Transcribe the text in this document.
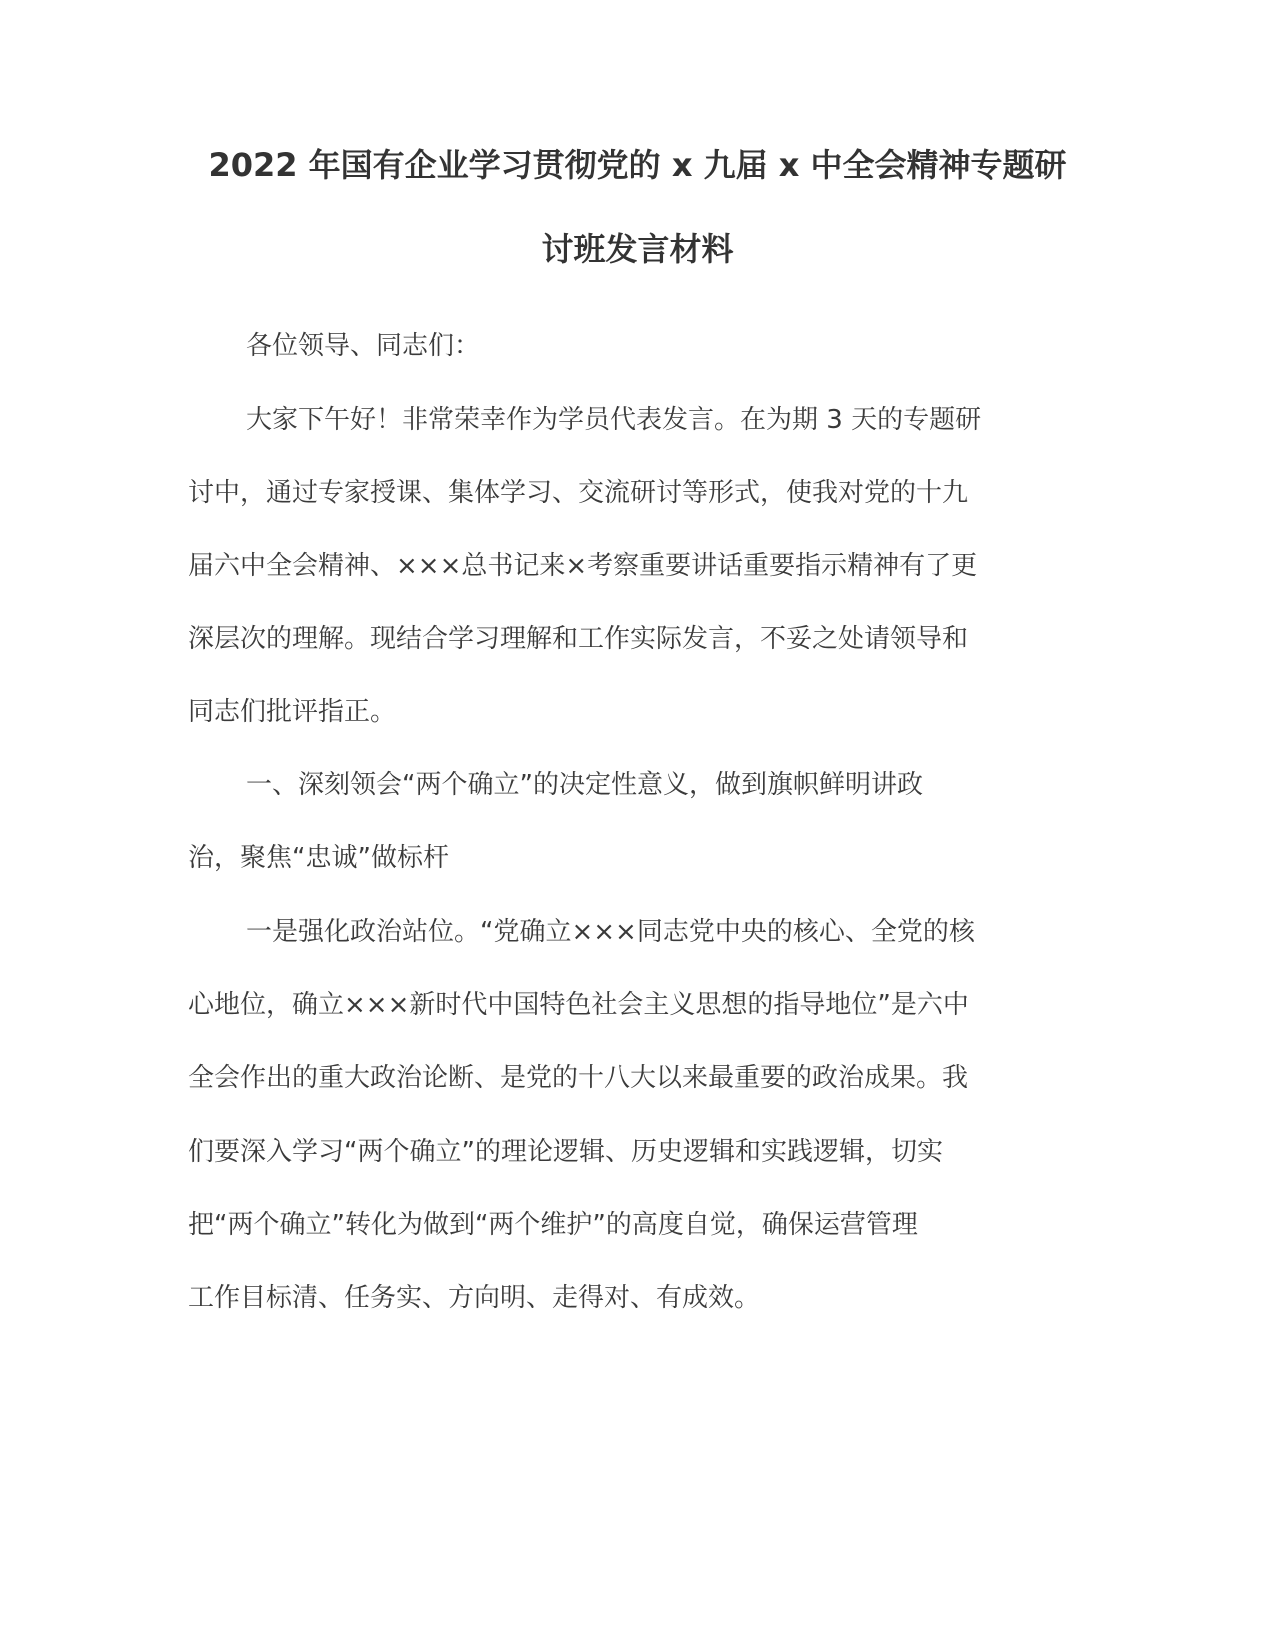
2022 年国有企业学习贯彻党的 x 九届 x 中全会精神专题研
讨班发言材料
各位领导、同志们：
大家下午好！非常荣幸作为学员代表发言。在为期 3 天的专题研
讨中，通过专家授课、集体学习、交流研讨等形式，使我对党的十九
届六中全会精神、×××总书记来×考察重要讲话重要指示精神有了更
深层次的理解。现结合学习理解和工作实际发言，不妥之处请领导和
同志们批评指正。
一、深刻领会“两个确立”的决定性意义，做到旗帜鲜明讲政
治，聚焦“忠诚”做标杆
一是强化政治站位。“党确立×××同志党中央的核心、全党的核
心地位，确立×××新时代中国特色社会主义思想的指导地位”是六中
全会作出的重大政治论断、是党的十八大以来最重要的政治成果。我
们要深入学习“两个确立”的理论逻辑、历史逻辑和实践逻辑，切实
把“两个确立”转化为做到“两个维护”的高度自觉，确保运营管理
工作目标清、任务实、方向明、走得对、有成效。
